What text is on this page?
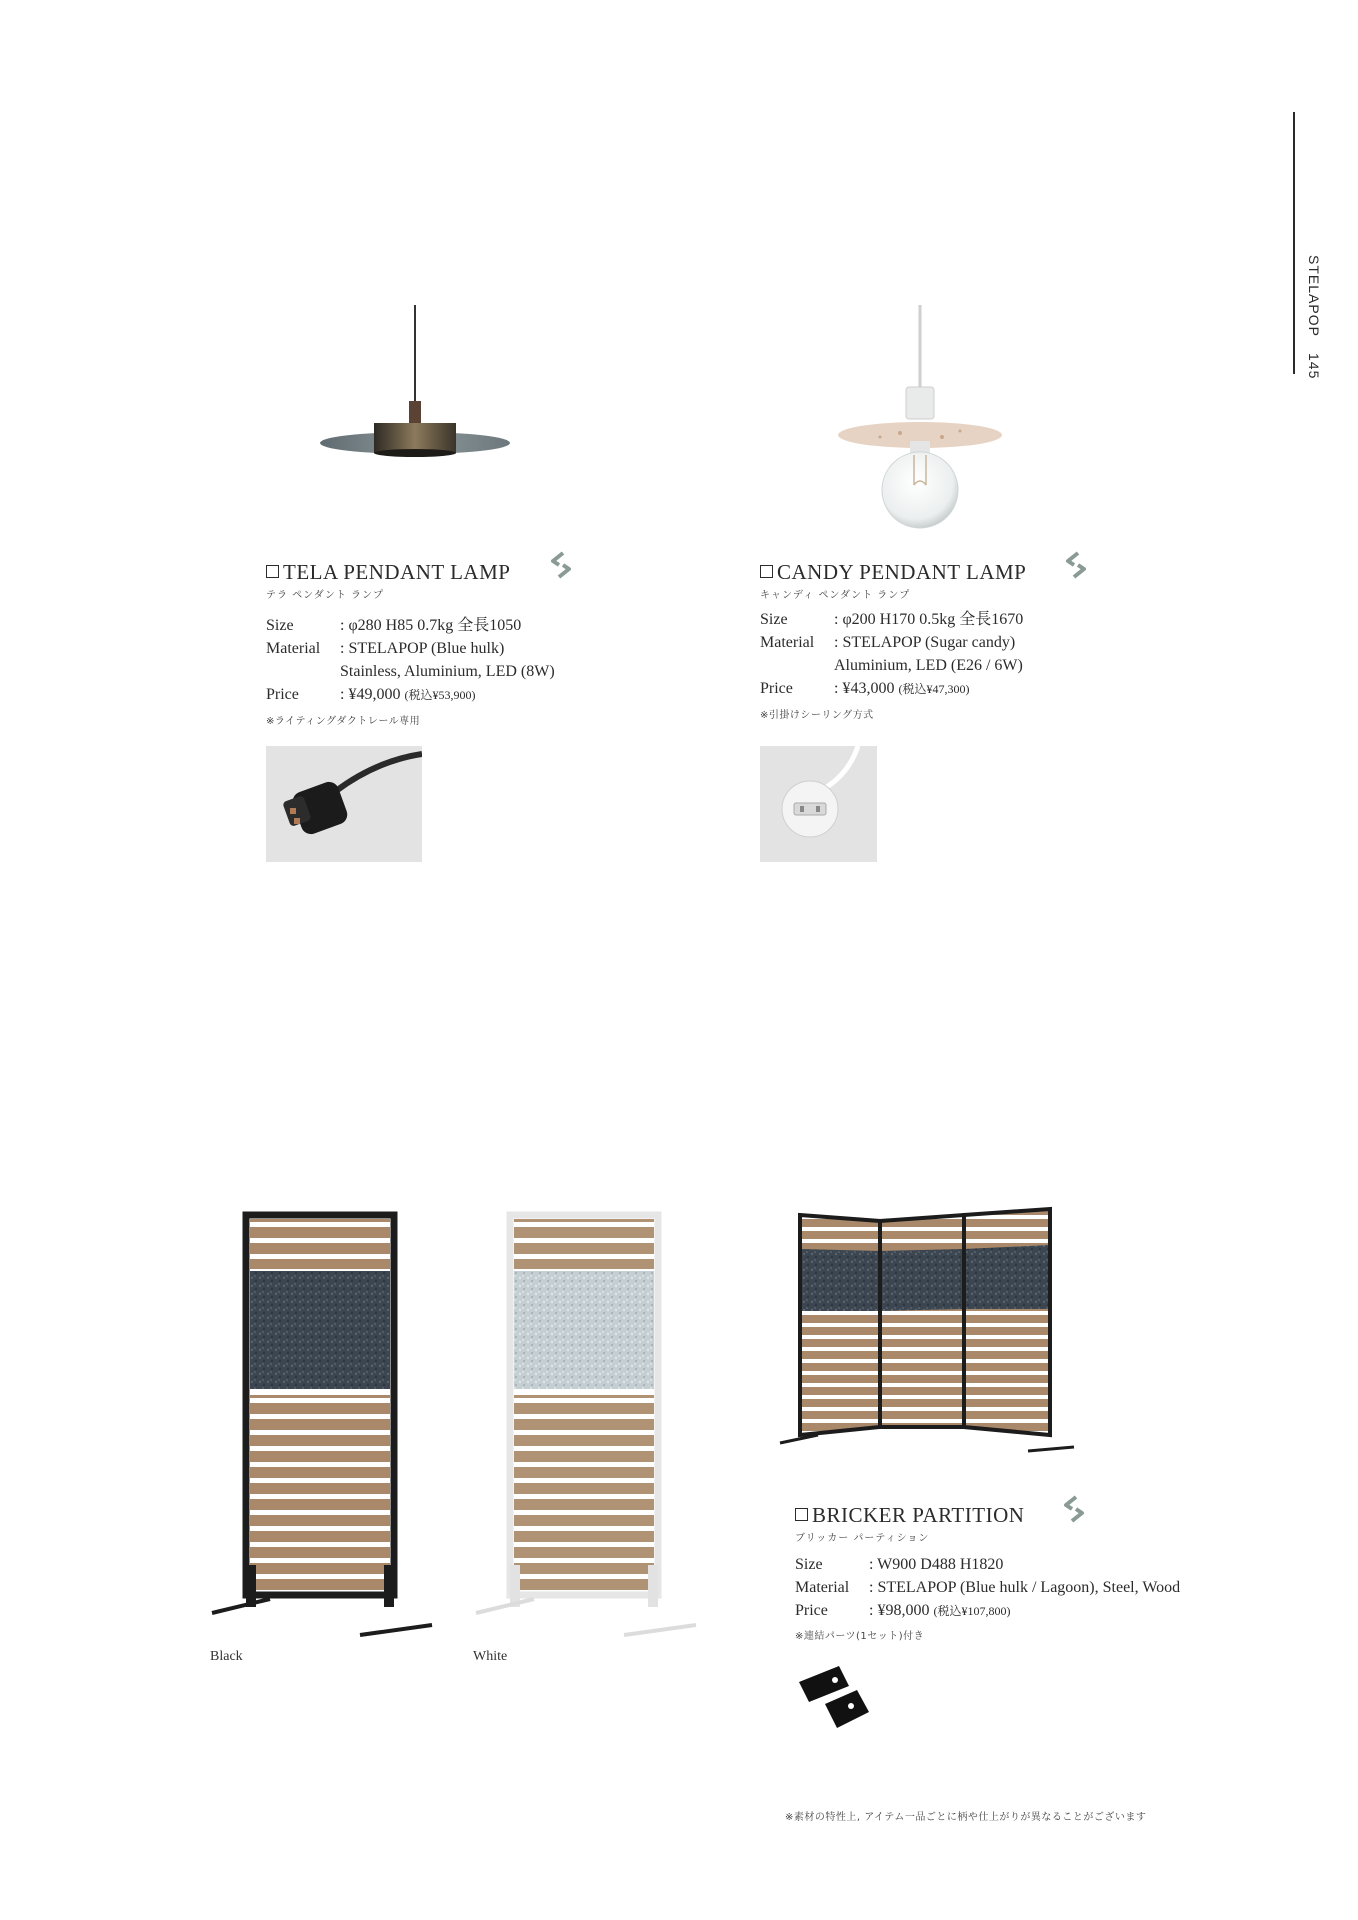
STELAPOP
145
TELA PENDANT LAMP
テラ ペンダント ランプ
Size	: φ280 H85 0.7kg 全長1050
Material : STELAPOP (Blue hulk)
Stainless, Aluminium, LED (8W)
Price	: ¥49,000 (税込¥53,900)
※ライティングダクトレール専用
CANDY PENDANT LAMP
キャンディ ペンダント ランプ
Size	: φ200 H170 0.5kg 全長1670
Material : STELAPOP (Sugar candy)
Aluminium, LED (E26 / 6W)
Price	: ¥43,000 (税込¥47,300)
※引掛けシーリング方式
Black	White
BRICKER PARTITION
ブリッカー パーティション
Size	: W900 D488 H1820
Material : STELAPOP (Blue hulk / Lagoon), Steel, Wood
Price	: ¥98,000 (税込¥107,800)
※連結パーツ(1セット)付き
※素材の特性上, アイテム一品ごとに柄や仕上がりが異なることがございます
